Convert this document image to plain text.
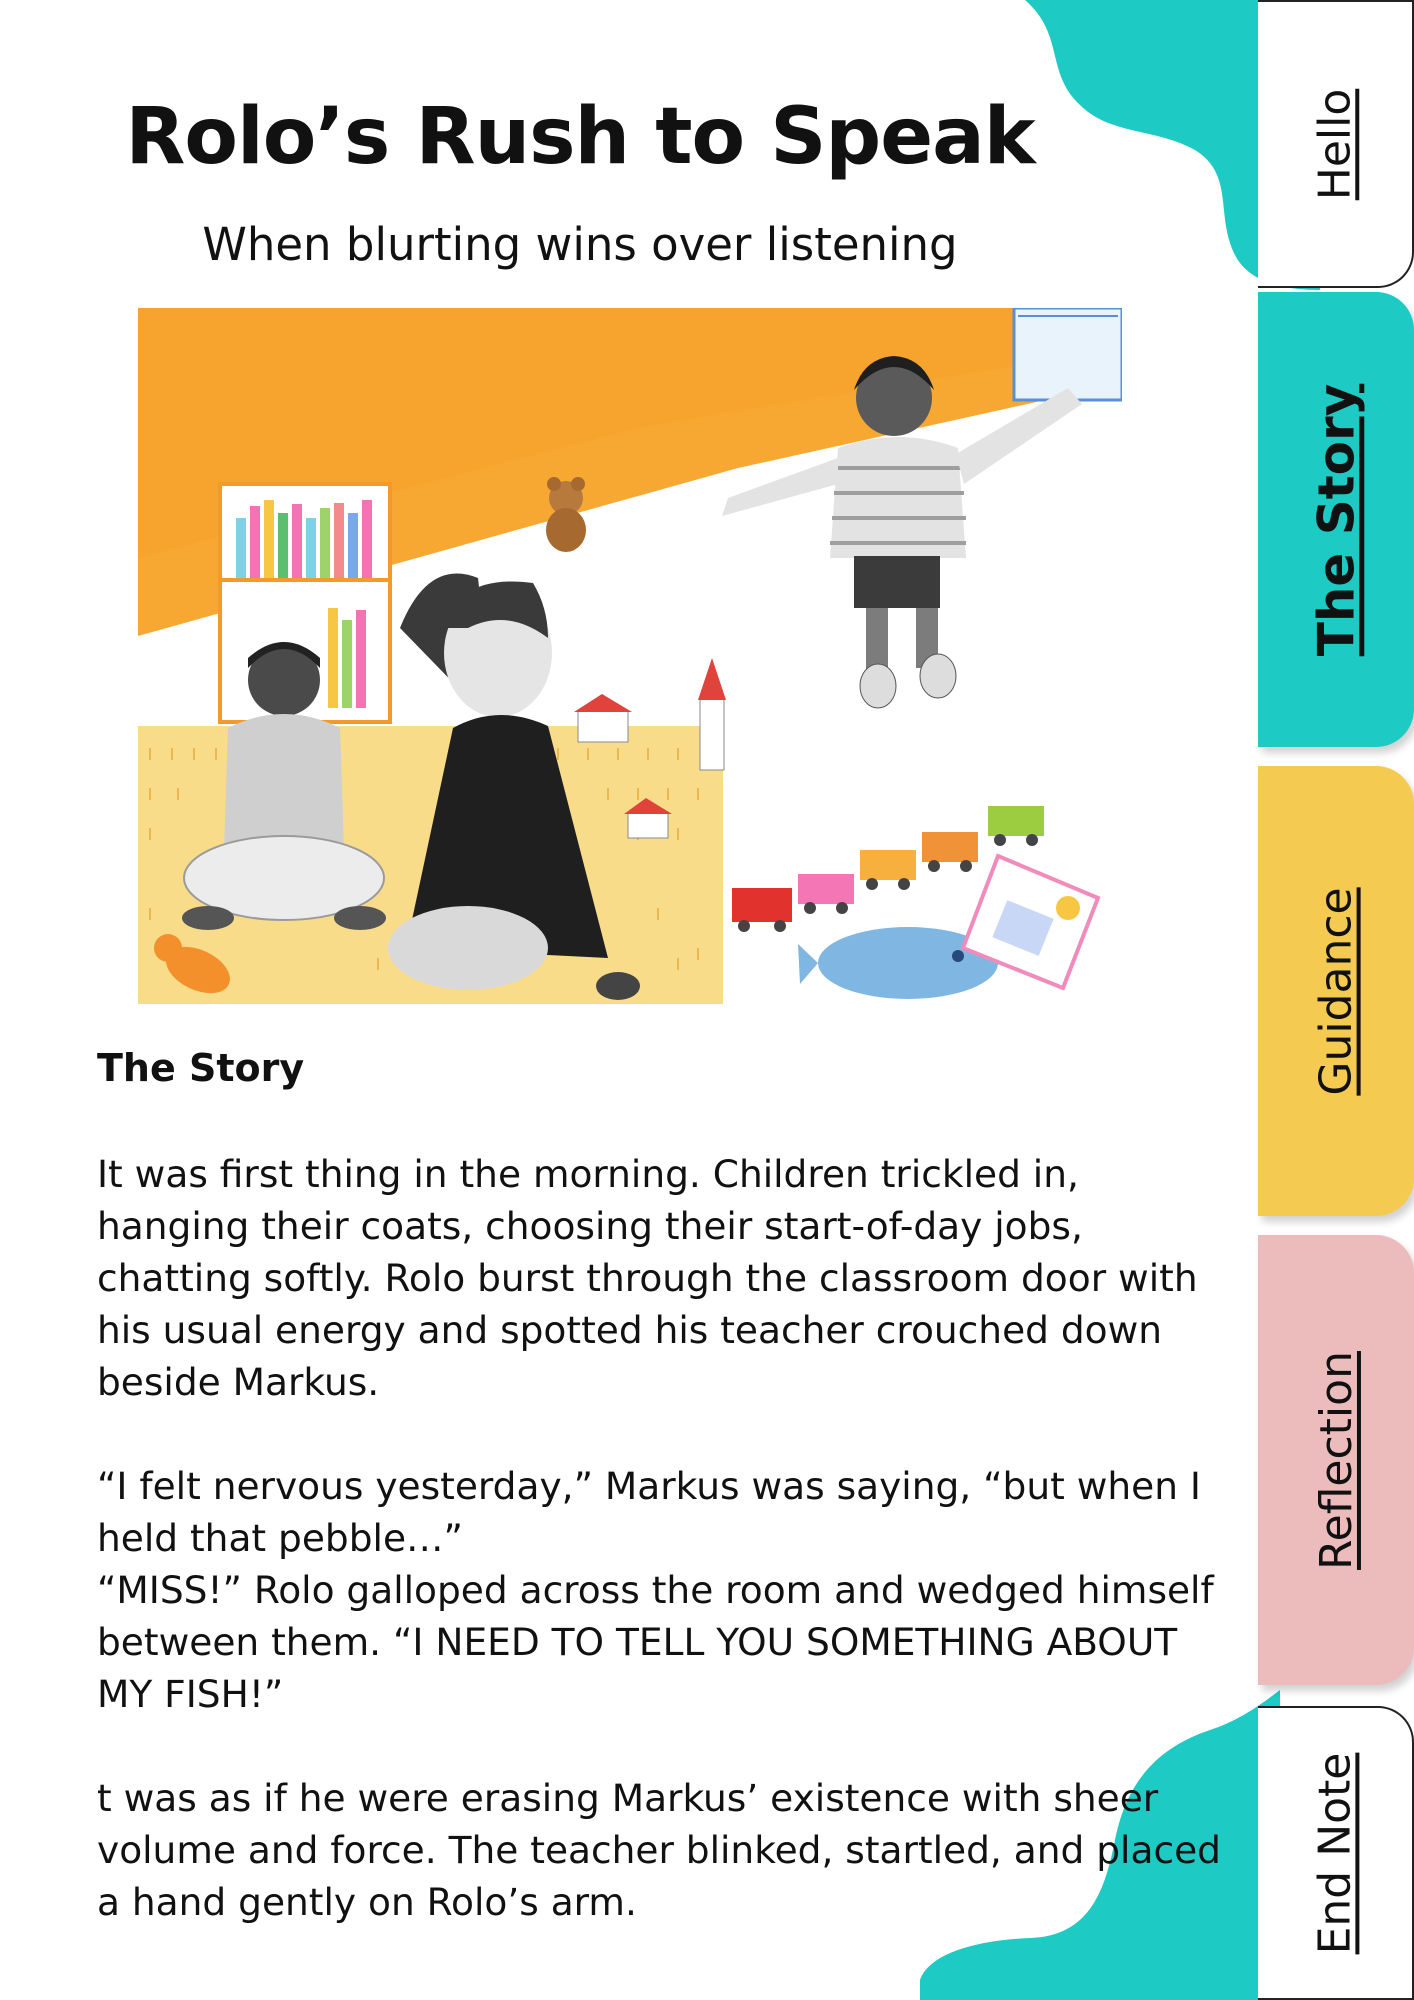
Rolo’s Rush to Speak
When blurting wins over listening
The Story

It was first thing in the morning. Children trickled in, hanging their coats, choosing their start-of-day jobs, chatting softly. Rolo burst through the classroom door with his usual energy and spotted his teacher crouched down beside Markus.

“I felt nervous yesterday,” Markus was saying, “but when I held that pebble…”

“MISS!” Rolo galloped across the room and wedged himself between them. “I NEED TO TELL YOU SOMETHING ABOUT MY FISH!”

t was as if he were erasing Markus’ existence with sheer volume and force. The teacher blinked, startled, and placed a hand gently on Rolo’s arm.

Hello
The Story
Guidance
Reflection
End Note
